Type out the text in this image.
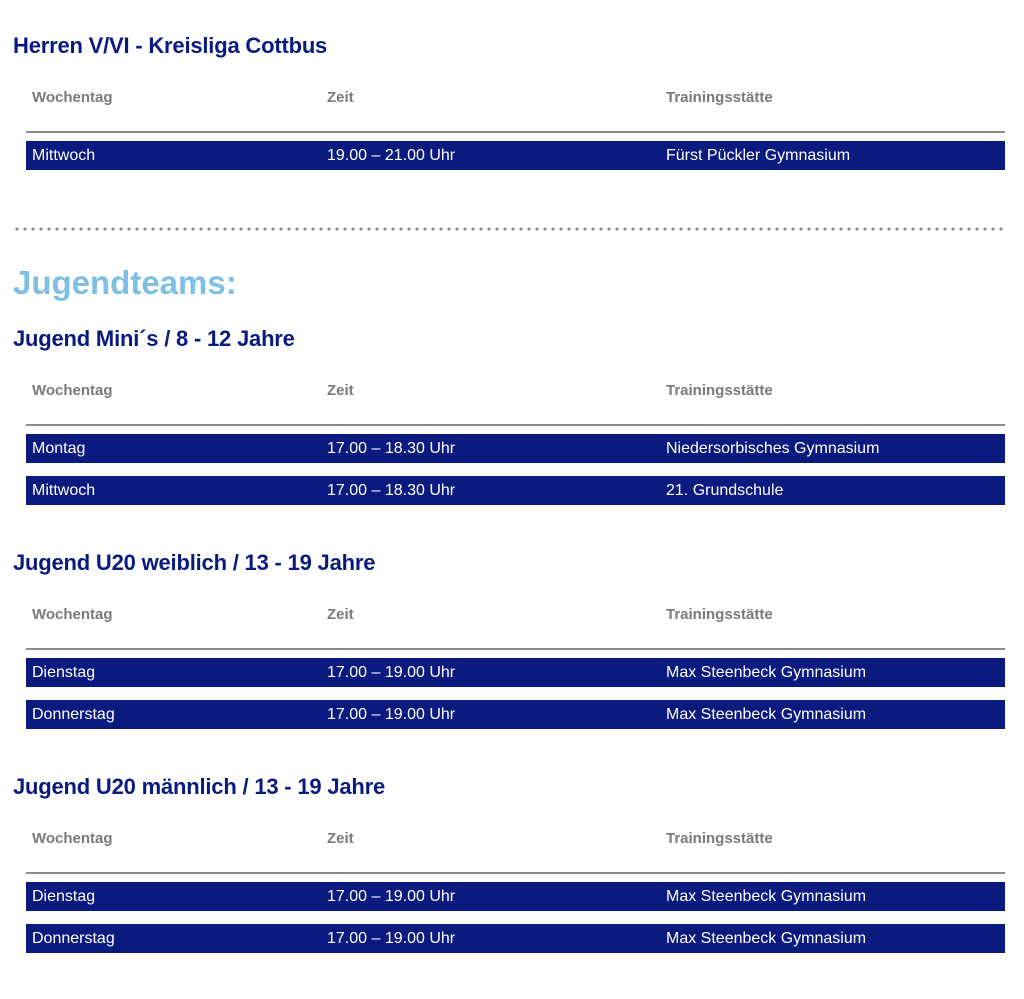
Herren V/VI - Kreisliga Cottbus
Wochentag	Zeit	Trainingsstätte
Mittwoch	19.00 – 21.00 Uhr	Fürst Pückler Gymnasium
Jugendteams:
Jugend Mini´s / 8 - 12 Jahre
Wochentag	Zeit	Trainingsstätte
Montag	17.00 – 18.30 Uhr	Niedersorbisches Gymnasium
Mittwoch	17.00 – 18.30 Uhr	21. Grundschule
Jugend U20 weiblich / 13 - 19 Jahre
Wochentag	Zeit	Trainingsstätte
Dienstag	17.00 – 19.00 Uhr	Max Steenbeck Gymnasium
Donnerstag	17.00 – 19.00 Uhr	Max Steenbeck Gymnasium
Jugend U20 männlich / 13 - 19 Jahre
Wochentag	Zeit	Trainingsstätte
Dienstag	17.00 – 19.00 Uhr	Max Steenbeck Gymnasium
Donnerstag	17.00 – 19.00 Uhr	Max Steenbeck Gymnasium
